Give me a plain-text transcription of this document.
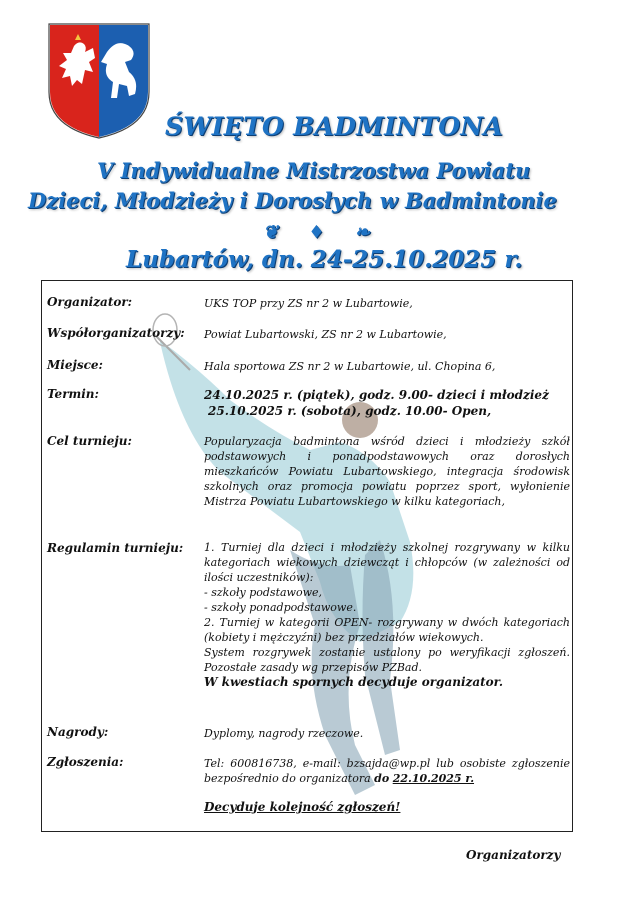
ŚWIĘTO BADMINTONA
V Indywidualne Mistrzostwa Powiatu
Dzieci, Młodzieży i Dorosłych w Badmintonie
❦ ♦ ❧
Lubartów, dn. 24-25.10.2025 r.
Organizator:	UKS TOP przy ZS nr 2 w Lubartowie,
Współorganizatorzy: Powiat Lubartowski, ZS nr 2 w Lubartowie,
Miejsce:	Hala sportowa ZS nr 2 w Lubartowie, ul. Chopina 6,
Termin:	24.10.2025 r. (piątek), godz. 9.00- dzieci i młodzież
25.10.2025 r. (sobota), godz. 10.00- Open,
Cel turnieju:	Popularyzacja badmintona wśród dzieci i młodzieży szkół podstawowych i ponadpodstawowych oraz dorosłych mieszkańców Powiatu Lubartowskiego, integracja środowisk szkolnych oraz promocja powiatu poprzez sport, wyłonienie Mistrza Powiatu Lubartowskiego w kilku kategoriach,
Regulamin turnieju: 1. Turniej dla dzieci i młodzieży szkolnej rozgrywany w kilku kategoriach wiekowych dziewcząt i chłopców (w zależności od ilości uczestników):
- szkoły podstawowe,
- szkoły ponadpodstawowe.
2. Turniej w kategorii OPEN- rozgrywany w dwóch kategoriach (kobiety i mężczyźni) bez przedziałów wiekowych.
System rozgrywek zostanie ustalony po weryfikacji zgłoszeń. Pozostałe zasady wg przepisów PZBad.
W kwestiach spornych decyduje organizator.
Nagrody:	Dyplomy, nagrody rzeczowe.
Zgłoszenia:	Tel: 600816738, e-mail: bzsajda@wp.pl lub osobiste zgłoszenie bezpośrednio do organizatora do 22.10.2025 r.
Decyduje kolejność zgłoszeń!
Organizatorzy
